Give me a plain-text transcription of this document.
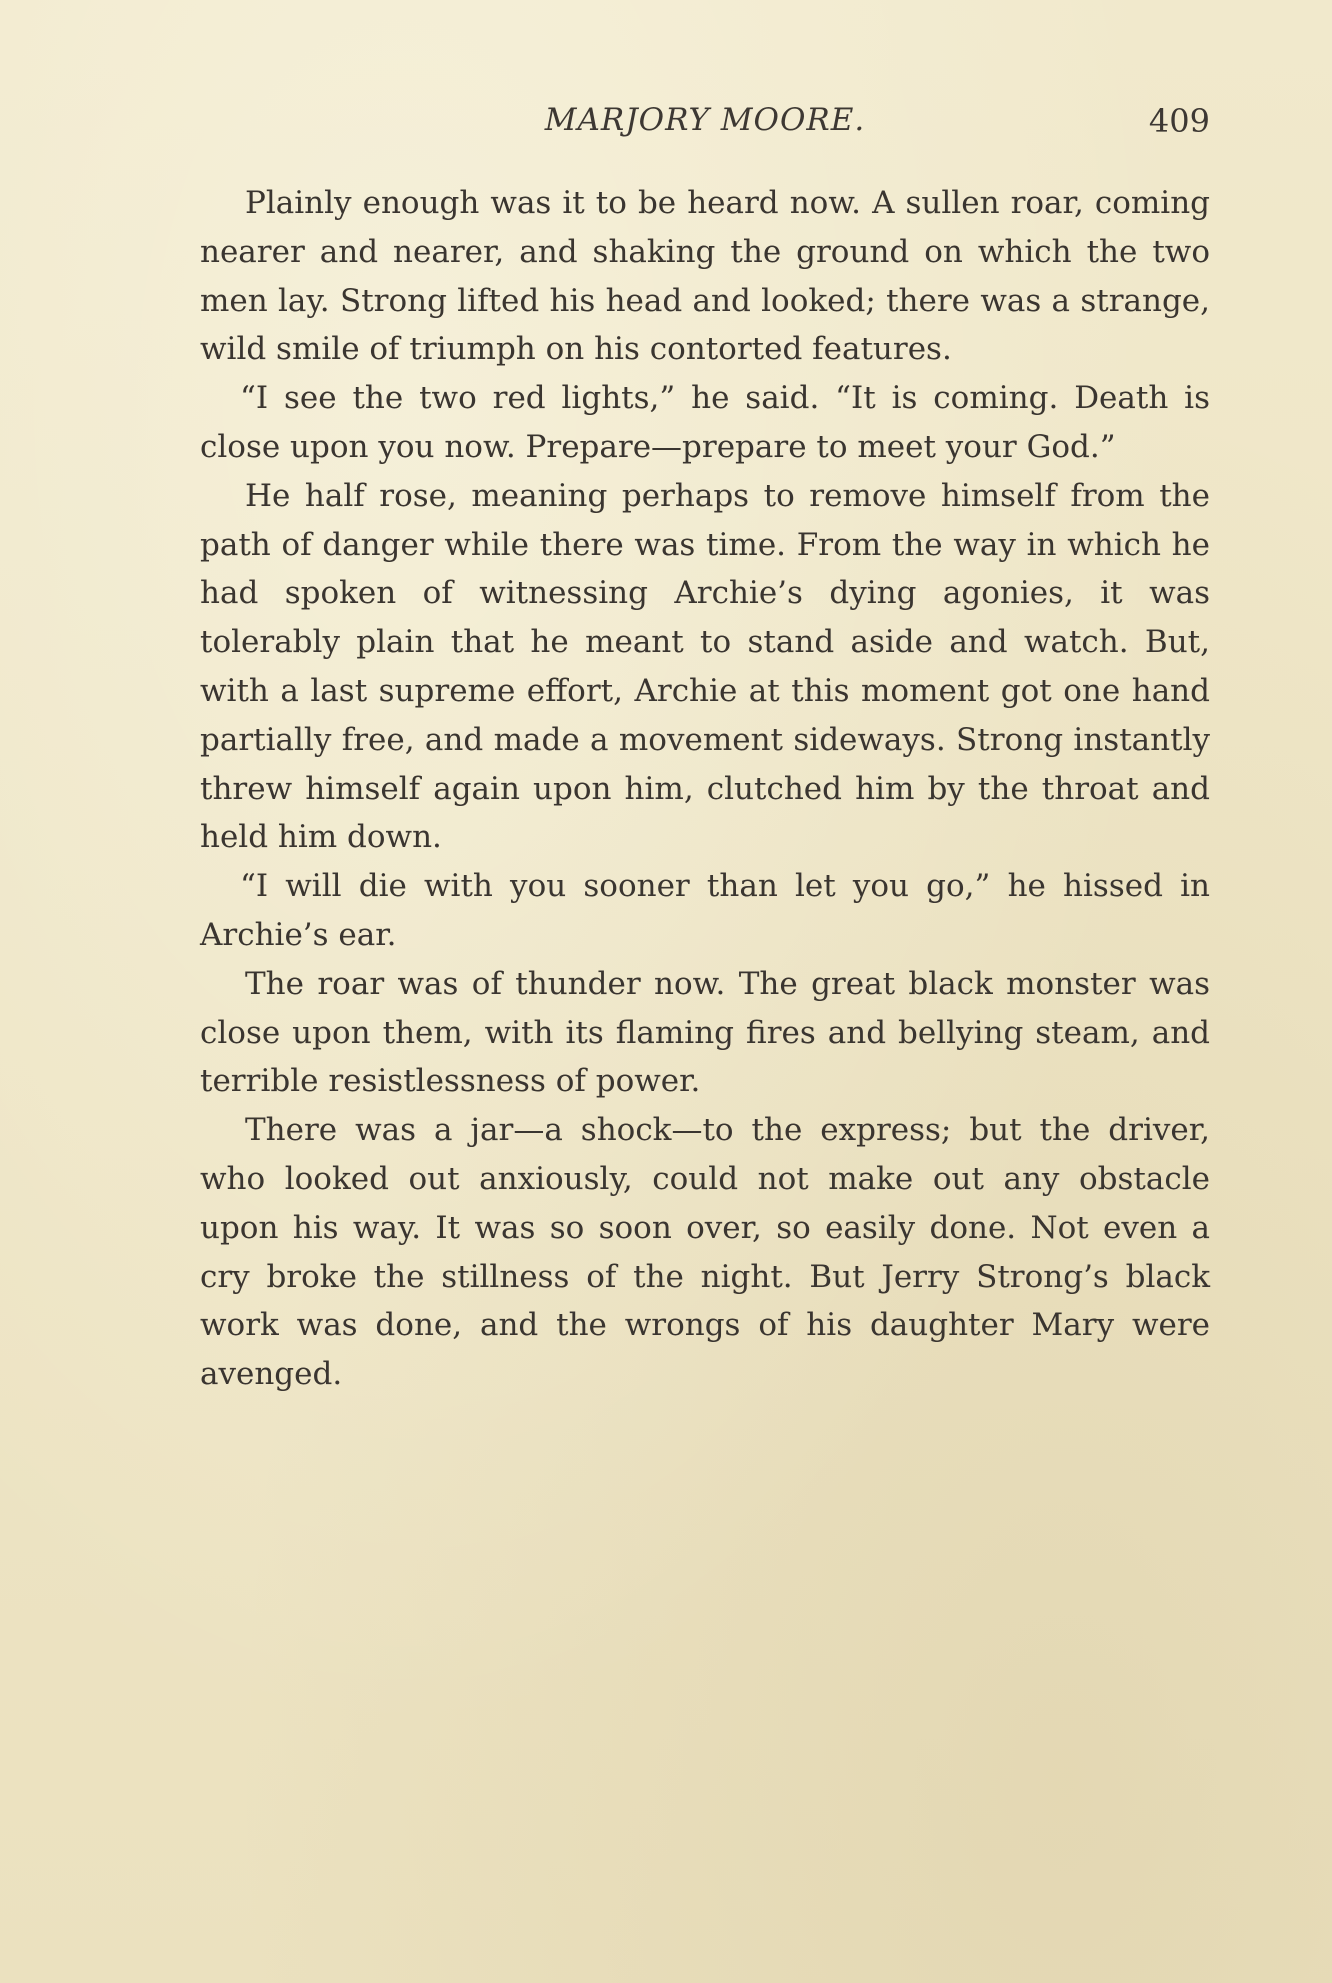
MARJORY MOORE.	409

Plainly enough was it to be heard now. A sullen roar, coming nearer and nearer, and shaking the ground on which the two men lay. Strong lifted his head and looked; there was a strange, wild smile of triumph on his contorted features.

“I see the two red lights,” he said. “It is coming. Death is close upon you now. Prepare—prepare to meet your God.”

He half rose, meaning perhaps to remove himself from the path of danger while there was time. From the way in which he had spoken of witnessing Archie’s dying agonies, it was tolerably plain that he meant to stand aside and watch. But, with a last supreme effort, Archie at this moment got one hand partially free, and made a movement sideways. Strong instantly threw himself again upon him, clutched him by the throat and held him down.

“I will die with you sooner than let you go,” he hissed in Archie’s ear.

The roar was of thunder now. The great black monster was close upon them, with its flaming fires and bellying steam, and terrible resistlessness of power.

There was a jar—a shock—to the express; but the driver, who looked out anxiously, could not make out any obstacle upon his way. It was so soon over, so easily done. Not even a cry broke the stillness of the night. But Jerry Strong’s black work was done, and the wrongs of his daughter Mary were avenged.
